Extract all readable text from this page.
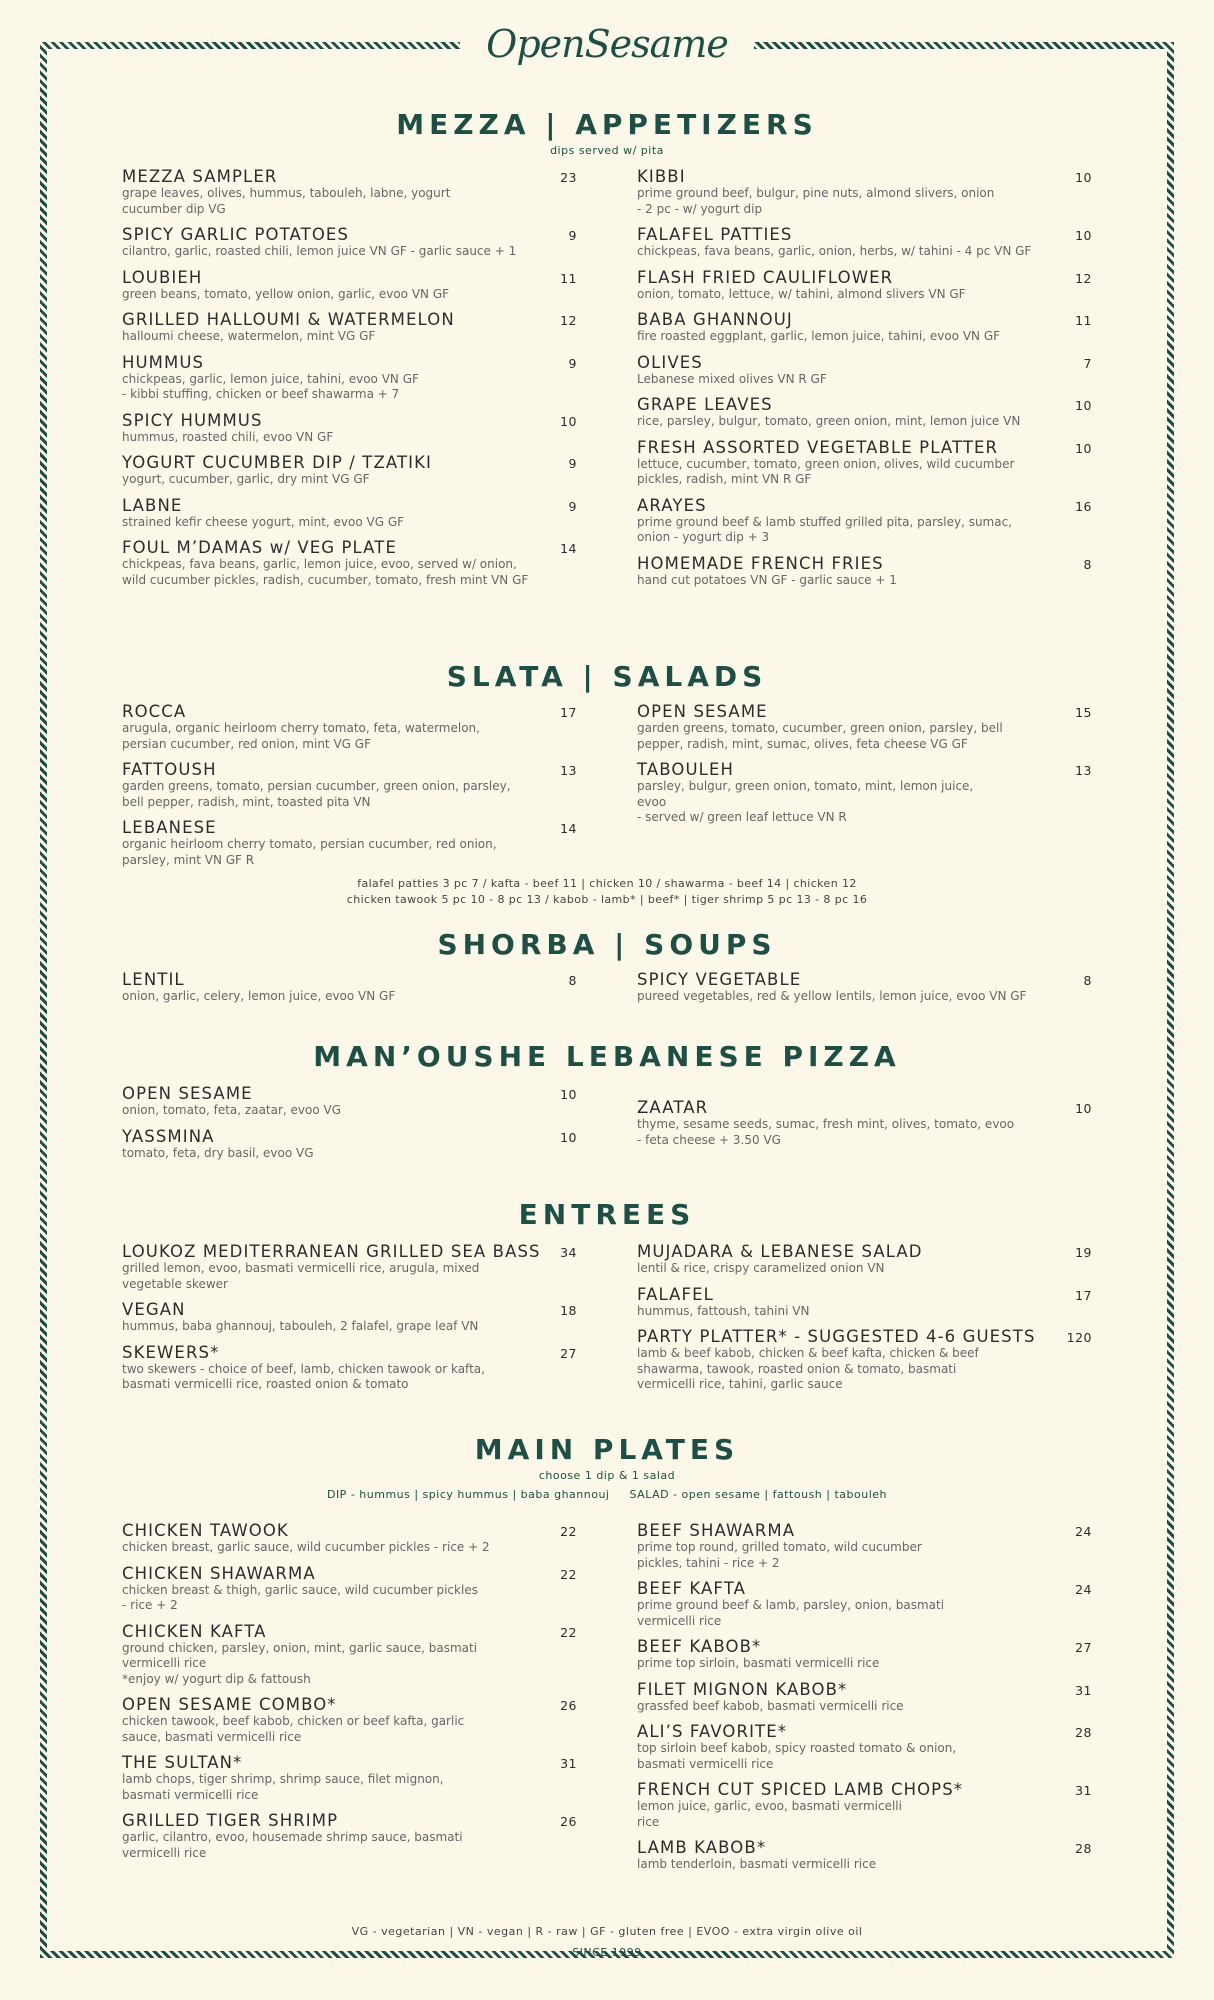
OpenSesame
MEZZA | APPETIZERS
dips served w/ pita
MEZZA SAMPLER	23
grape leaves, olives, hummus, tabouleh, labne, yogurt
cucumber dip VG
SPICY GARLIC POTATOES	9
cilantro, garlic, roasted chili, lemon juice VN GF - garlic sauce + 1
LOUBIEH	11
green beans, tomato, yellow onion, garlic, evoo VN GF
GRILLED HALLOUMI & WATERMELON	12
halloumi cheese, watermelon, mint VG GF
HUMMUS	9
chickpeas, garlic, lemon juice, tahini, evoo VN GF
- kibbi stuffing, chicken or beef shawarma + 7
SPICY HUMMUS	10
hummus, roasted chili, evoo VN GF
YOGURT CUCUMBER DIP / TZATIKI	9
yogurt, cucumber, garlic, dry mint VG GF
LABNE	9
strained kefir cheese yogurt, mint, evoo VG GF
FOUL M’DAMAS w/ VEG PLATE	14
chickpeas, fava beans, garlic, lemon juice, evoo, served w/ onion,
wild cucumber pickles, radish, cucumber, tomato, fresh mint VN GF
KIBBI	10
prime ground beef, bulgur, pine nuts, almond slivers, onion
- 2 pc - w/ yogurt dip
FALAFEL PATTIES	10
chickpeas, fava beans, garlic, onion, herbs, w/ tahini - 4 pc VN GF
FLASH FRIED CAULIFLOWER	12
onion, tomato, lettuce, w/ tahini, almond slivers VN GF
BABA GHANNOUJ	11
fire roasted eggplant, garlic, lemon juice, tahini, evoo VN GF
OLIVES	7
Lebanese mixed olives VN R GF
GRAPE LEAVES	10
rice, parsley, bulgur, tomato, green onion, mint, lemon juice VN
FRESH ASSORTED VEGETABLE PLATTER	10
lettuce, cucumber, tomato, green onion, olives, wild cucumber
pickles, radish, mint VN R GF
ARAYES	16
prime ground beef & lamb stuffed grilled pita, parsley, sumac,
onion - yogurt dip + 3
HOMEMADE FRENCH FRIES	8
hand cut potatoes VN GF - garlic sauce + 1
SLATA | SALADS
ROCCA	17
arugula, organic heirloom cherry tomato, feta, watermelon,
persian cucumber, red onion, mint VG GF
FATTOUSH	13
garden greens, tomato, persian cucumber, green onion, parsley,
bell pepper, radish, mint, toasted pita VN
LEBANESE	14
organic heirloom cherry tomato, persian cucumber, red onion,
parsley, mint VN GF R
OPEN SESAME	15
garden greens, tomato, cucumber, green onion, parsley, bell
pepper, radish, mint, sumac, olives, feta cheese VG GF
TABOULEH	13
parsley, bulgur, green onion, tomato, mint, lemon juice,
evoo
- served w/ green leaf lettuce VN R
falafel patties 3 pc 7 / kafta - beef 11 | chicken 10 / shawarma - beef 14 | chicken 12
chicken tawook 5 pc 10 - 8 pc 13 / kabob - lamb* | beef* | tiger shrimp 5 pc 13 - 8 pc 16
SHORBA | SOUPS
LENTIL	8
onion, garlic, celery, lemon juice, evoo VN GF
SPICY VEGETABLE	8
pureed vegetables, red & yellow lentils, lemon juice, evoo VN GF
MAN’OUSHE LEBANESE PIZZA
OPEN SESAME	10
onion, tomato, feta, zaatar, evoo VG
YASSMINA	10
tomato, feta, dry basil, evoo VG
ZAATAR	10
thyme, sesame seeds, sumac, fresh mint, olives, tomato, evoo
- feta cheese + 3.50 VG
ENTREES
LOUKOZ MEDITERRANEAN GRILLED SEA BASS 34
grilled lemon, evoo, basmati vermicelli rice, arugula, mixed
vegetable skewer
VEGAN	18
hummus, baba ghannouj, tabouleh, 2 falafel, grape leaf VN
SKEWERS*	27
two skewers - choice of beef, lamb, chicken tawook or kafta,
basmati vermicelli rice, roasted onion & tomato
MUJADARA & LEBANESE SALAD	19
lentil & rice, crispy caramelized onion VN
FALAFEL	17
hummus, fattoush, tahini VN
PARTY PLATTER* - SUGGESTED 4-6 GUESTS 120
lamb & beef kabob, chicken & beef kafta, chicken & beef
shawarma, tawook, roasted onion & tomato, basmati
vermicelli rice, tahini, garlic sauce
MAIN PLATES
choose 1 dip & 1 salad
DIP - hummus | spicy hummus | baba ghannouj     SALAD - open sesame | fattoush | tabouleh
CHICKEN TAWOOK	22
chicken breast, garlic sauce, wild cucumber pickles - rice + 2
CHICKEN SHAWARMA	22
chicken breast & thigh, garlic sauce, wild cucumber pickles
- rice + 2
CHICKEN KAFTA	22
ground chicken, parsley, onion, mint, garlic sauce, basmati
vermicelli rice
*enjoy w/ yogurt dip & fattoush
OPEN SESAME COMBO*	26
chicken tawook, beef kabob, chicken or beef kafta, garlic
sauce, basmati vermicelli rice
THE SULTAN*	31
lamb chops, tiger shrimp, shrimp sauce, filet mignon,
basmati vermicelli rice
GRILLED TIGER SHRIMP	26
garlic, cilantro, evoo, housemade shrimp sauce, basmati
vermicelli rice
BEEF SHAWARMA	24
prime top round, grilled tomato, wild cucumber
pickles, tahini - rice + 2
BEEF KAFTA	24
prime ground beef & lamb, parsley, onion, basmati
vermicelli rice
BEEF KABOB*	27
prime top sirloin, basmati vermicelli rice
FILET MIGNON KABOB*	31
grassfed beef kabob, basmati vermicelli rice
ALI’S FAVORITE*	28
top sirloin beef kabob, spicy roasted tomato & onion,
basmati vermicelli rice
FRENCH CUT SPICED LAMB CHOPS*	31
lemon juice, garlic, evoo, basmati vermicelli
rice
LAMB KABOB*	28
lamb tenderloin, basmati vermicelli rice
VG - vegetarian | VN - vegan | R - raw | GF - gluten free | EVOO - extra virgin olive oil
SINCE 1999
